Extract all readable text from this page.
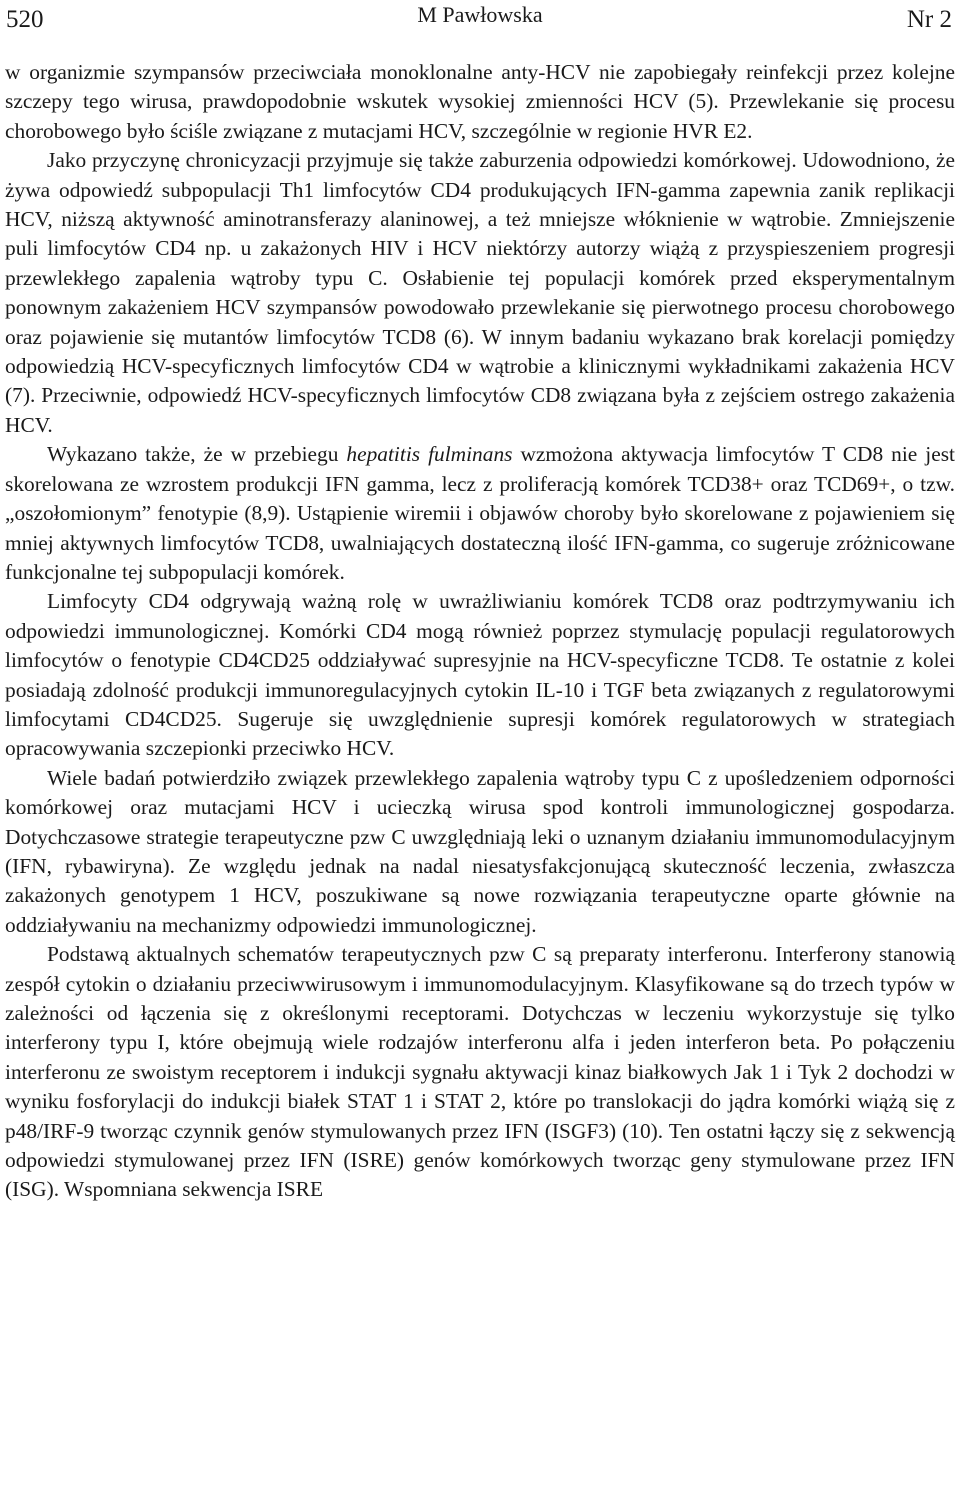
520	M Pawłowska	Nr 2

w organizmie szympansów przeciwciała monoklonalne anty-HCV nie zapobiegały reinfekcji przez kolejne szczepy tego wirusa, prawdopodobnie wskutek wysokiej zmienności HCV (5). Przewlekanie się procesu chorobowego było ściśle związane z mutacjami HCV, szczególnie w regionie HVR E2.

Jako przyczynę chronicyzacji przyjmuje się także zaburzenia odpowiedzi komórkowej. Udowodniono, że żywa odpowiedź subpopulacji Th1 limfocytów CD4 produkujących IFN-gamma zapewnia zanik replikacji HCV, niższą aktywność aminotransferazy alaninowej, a też mniejsze włóknienie w wątrobie. Zmniejszenie puli limfocytów CD4 np. u zakażonych HIV i HCV niektórzy autorzy wiążą z przyspieszeniem progresji przewlekłego zapalenia wątroby typu C. Osłabienie tej populacji komórek przed eksperymentalnym ponownym zakażeniem HCV szympansów powodowało przewlekanie się pierwotnego procesu chorobowego oraz pojawienie się mutantów limfocytów TCD8 (6). W innym badaniu wykazano brak korelacji pomiędzy odpowiedzią HCV-specyficznych limfocytów CD4 w wątrobie a klinicznymi wykładnikami zakażenia HCV (7). Przeciwnie, odpowiedź HCV-specyficznych limfocytów CD8 związana była z zejściem ostrego zakażenia HCV.

Wykazano także, że w przebiegu hepatitis fulminans wzmożona aktywacja limfocytów T CD8 nie jest skorelowana ze wzrostem produkcji IFN gamma, lecz z proliferacją komórek TCD38+ oraz TCD69+, o tzw. „oszołomionym” fenotypie (8,9). Ustąpienie wiremii i objawów choroby było skorelowane z pojawieniem się mniej aktywnych limfocytów TCD8, uwalniających dostateczną ilość IFN-gamma, co sugeruje zróżnicowane funkcjonalne tej subpopulacji komórek.

Limfocyty CD4 odgrywają ważną rolę w uwrażliwianiu komórek TCD8 oraz podtrzymywaniu ich odpowiedzi immunologicznej. Komórki CD4 mogą również poprzez stymulację populacji regulatorowych limfocytów o fenotypie CD4CD25 oddziaływać supresyjnie na HCV-specyficzne TCD8. Te ostatnie z kolei posiadają zdolność produkcji immunoregulacyjnych cytokin IL-10 i TGF beta związanych z regulatorowymi limfocytami CD4CD25. Sugeruje się uwzględnienie supresji komórek regulatorowych w strategiach opracowywania szczepionki przeciwko HCV.

Wiele badań potwierdziło związek przewlekłego zapalenia wątroby typu C z upośledzeniem odporności komórkowej oraz mutacjami HCV i ucieczką wirusa spod kontroli immunologicznej gospodarza. Dotychczasowe strategie terapeutyczne pzw C uwzględniają leki o uznanym działaniu immunomodulacyjnym (IFN, rybawiryna). Ze względu jednak na nadal niesatysfakcjonującą skuteczność leczenia, zwłaszcza zakażonych genotypem 1 HCV, poszukiwane są nowe rozwiązania terapeutyczne oparte głównie na oddziaływaniu na mechanizmy odpowiedzi immunologicznej.

Podstawą aktualnych schematów terapeutycznych pzw C są preparaty interferonu. Interferony stanowią zespół cytokin o działaniu przeciwwirusowym i immunomodulacyjnym. Klasyfikowane są do trzech typów w zależności od łączenia się z określonymi receptorami. Dotychczas w leczeniu wykorzystuje się tylko interferony typu I, które obejmują wiele rodzajów interferonu alfa i jeden interferon beta. Po połączeniu interferonu ze swoistym receptorem i indukcji sygnału aktywacji kinaz białkowych Jak 1 i Tyk 2 dochodzi w wyniku fosforylacji do indukcji białek STAT 1 i STAT 2, które po translokacji do jądra komórki wiążą się z p48/IRF-9 tworząc czynnik genów stymulowanych przez IFN (ISGF3) (10). Ten ostatni łączy się z sekwencją odpowiedzi stymulowanej przez IFN (ISRE) genów komórkowych tworząc geny stymulowane przez IFN (ISG). Wspomniana sekwencja ISRE
